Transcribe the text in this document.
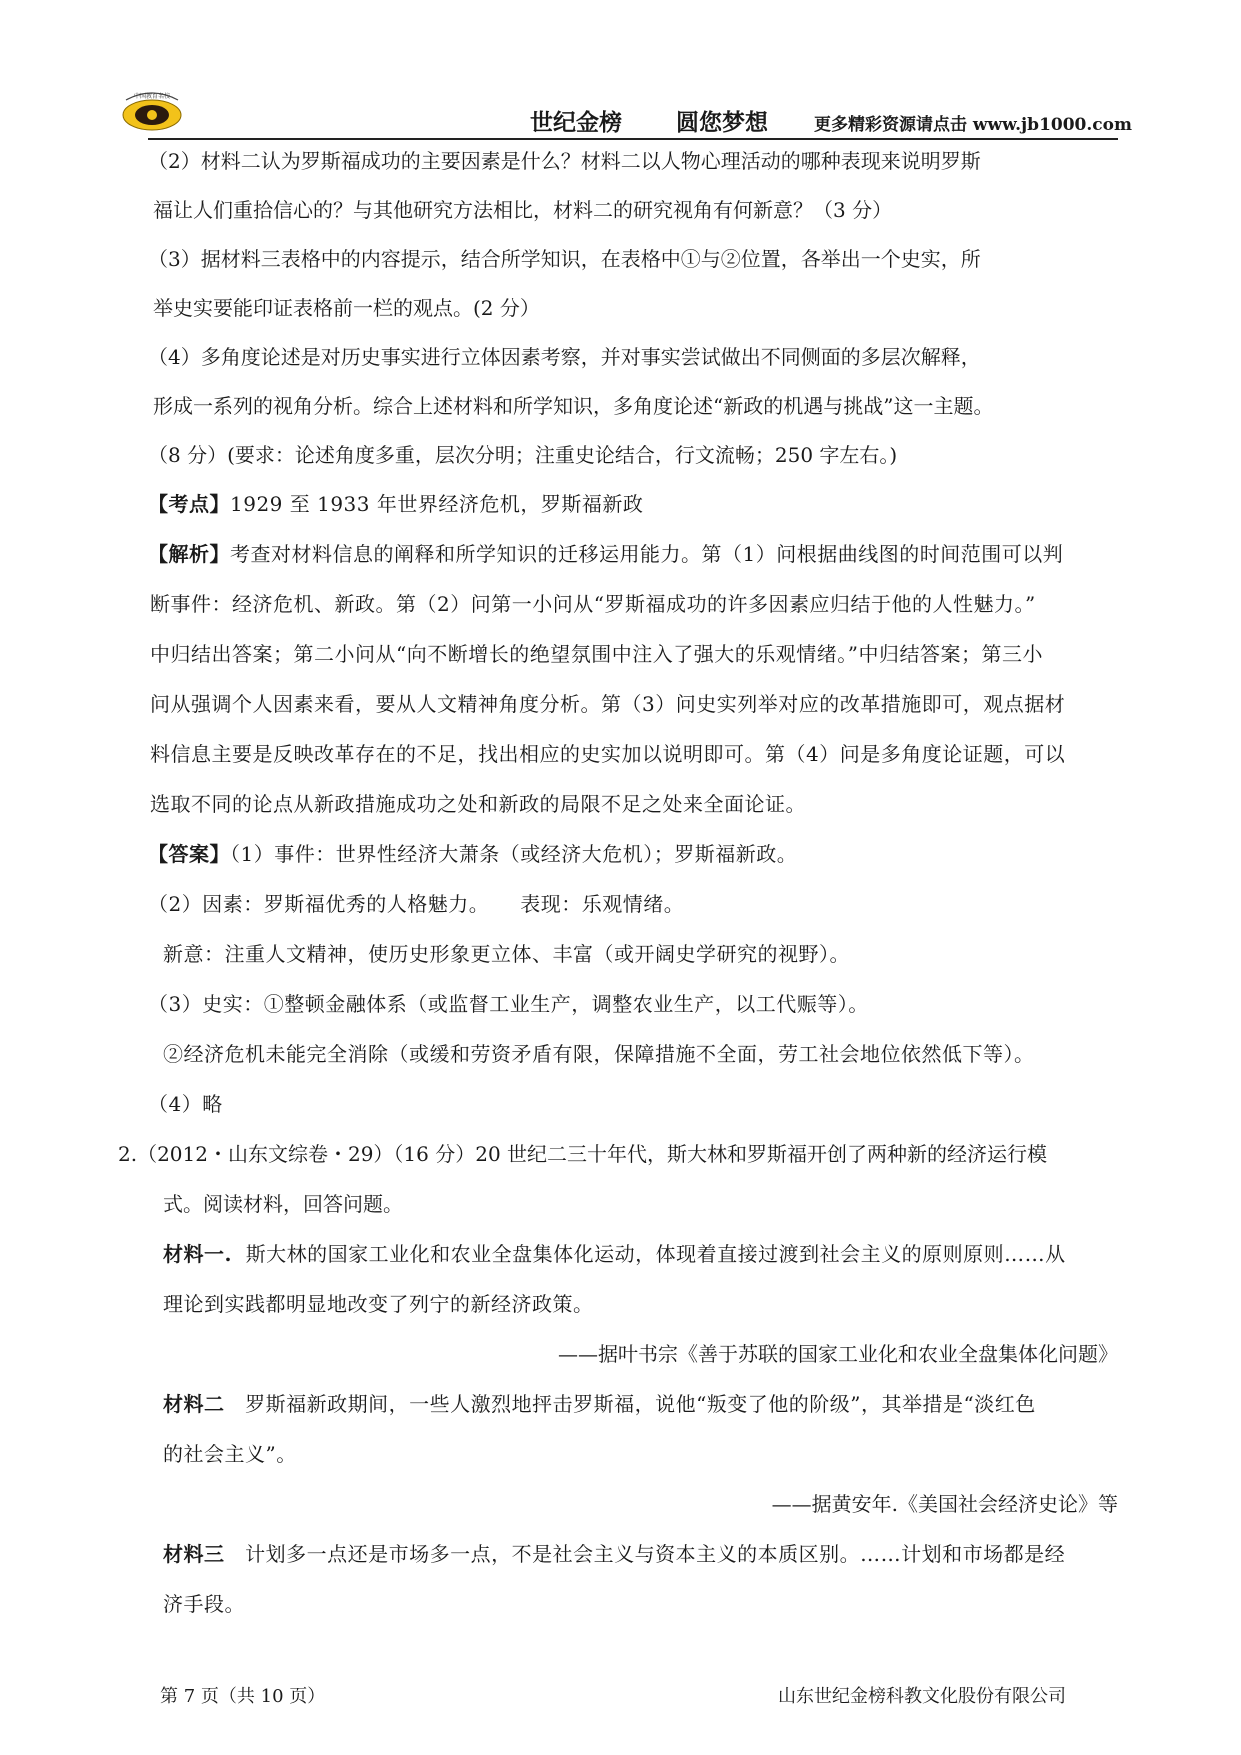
中国教育名校
世纪金榜 圆您梦想	更多精彩资源请点击 www.jb1000.com
（2）材料二认为罗斯福成功的主要因素是什么？材料二以人物心理活动的哪种表现来说明罗斯
福让人们重拾信心的？与其他研究方法相比，材料二的研究视角有何新意？（3 分）
（3）据材料三表格中的内容提示，结合所学知识，在表格中①与②位置，各举出一个史实，所
举史实要能印证表格前一栏的观点。(2 分）
（4）多角度论述是对历史事实进行立体因素考察，并对事实尝试做出不同侧面的多层次解释，
形成一系列的视角分析。综合上述材料和所学知识，多角度论述“新政的机遇与挑战”这一主题。
（8 分）(要求：论述角度多重，层次分明；注重史论结合，行文流畅；250 字左右。)
【考点】1929 至 1933 年世界经济危机，罗斯福新政
【解析】考查对材料信息的阐释和所学知识的迁移运用能力。第（1）问根据曲线图的时间范围可以判
断事件：经济危机、新政。第（2）问第一小问从“罗斯福成功的许多因素应归结于他的人性魅力。”
中归结出答案；第二小问从“向不断增长的绝望氛围中注入了强大的乐观情绪。”中归结答案；第三小
问从强调个人因素来看，要从人文精神角度分析。第（3）问史实列举对应的改革措施即可，观点据材
料信息主要是反映改革存在的不足，找出相应的史实加以说明即可。第（4）问是多角度论证题，可以
选取不同的论点从新政措施成功之处和新政的局限不足之处来全面论证。
【答案】（1）事件：世界性经济大萧条（或经济大危机）；罗斯福新政。
（2）因素：罗斯福优秀的人格魅力。　　表现：乐观情绪。
新意：注重人文精神，使历史形象更立体、丰富（或开阔史学研究的视野）。
（3）史实：①整顿金融体系（或监督工业生产，调整农业生产，以工代赈等）。
②经济危机未能完全消除（或缓和劳资矛盾有限，保障措施不全面，劳工社会地位依然低下等）。
（4）略
2.（2012・山东文综卷・29）（16 分）20 世纪二三十年代，斯大林和罗斯福开创了两种新的经济运行模
式。阅读材料，回答问题。
材料一. 斯大林的国家工业化和农业全盘集体化运动，体现着直接过渡到社会主义的原则原则……从
理论到实践都明显地改变了列宁的新经济政策。
——据叶书宗《善于苏联的国家工业化和农业全盘集体化问题》
材料二 罗斯福新政期间，一些人激烈地抨击罗斯福，说他“叛变了他的阶级”，其举措是“淡红色
的社会主义”。
——据黄安年.《美国社会经济史论》等
材料三 计划多一点还是市场多一点，不是社会主义与资本主义的本质区别。……计划和市场都是经
济手段。
第 7 页（共 10 页）	山东世纪金榜科教文化股份有限公司
